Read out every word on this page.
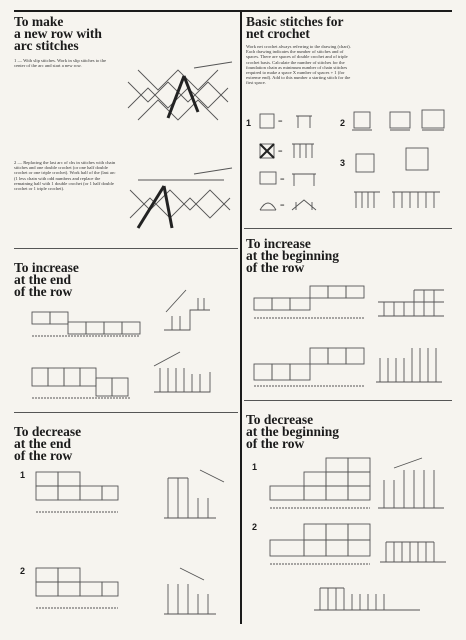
To make
a new row with
arc stitches

1 — With slip stitches. Work in slip stitches to the center of the arc and start a new row.

2 — Replacing the last arc of chs in stitches with chain stitches and one double crochet (or one half double crochet or one triple crochet). Work half of the (last arc (1 less chain with odd numbers and replace the remaining half with 1 double crochet (or 1 half double crochet or 1 triple crochet).

To increase
at the end
of the row
To decrease
at the end
of the row
1
2
Basic stitches for
net crochet

Work net crochet always referring to the drawing (chart). Each drawing indicates the number of stitches and of spaces. There are spaces of double crochet and of triple crochet basis. Calculate the number of stitches for the foundation chain as minimum number of chain stitches required to make a space X number of spaces + 1 (for extreme end). Add to this number a starting stitch for the first space.

1	2
3
=
=
=
=
To increase
at the beginning
of the row
To decrease
at the beginning
of the row
1
2
